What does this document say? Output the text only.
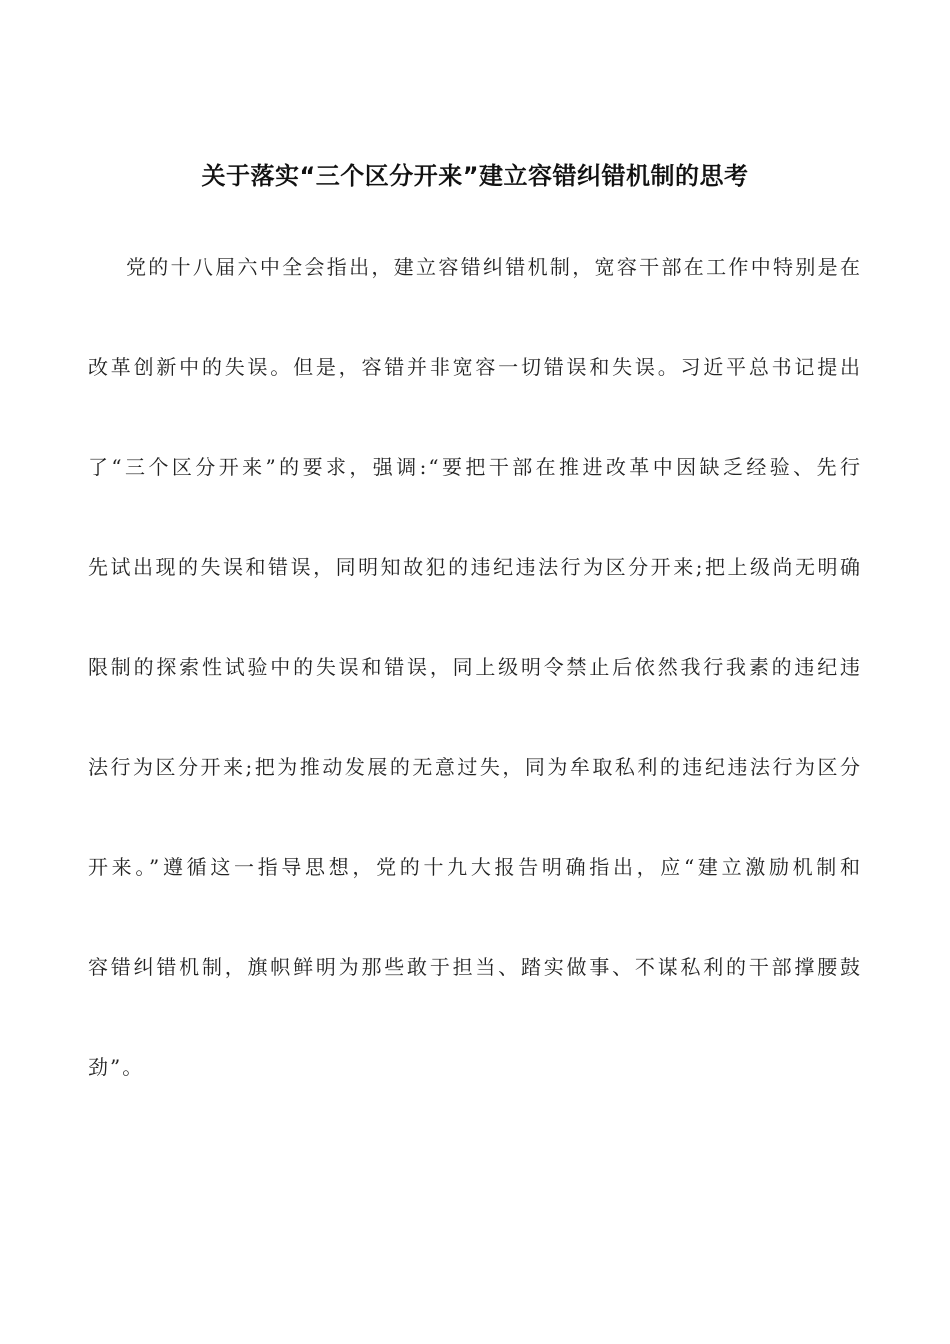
关于落实“三个区分开来”建立容错纠错机制的思考
党的十八届六中全会指出，建立容错纠错机制，宽容干部在工作中特别是在
改革创新中的失误。但是，容错并非宽容一切错误和失误。习近平总书记提出
了“三个区分开来”的要求，强调:“要把干部在推进改革中因缺乏经验、先行
先试出现的失误和错误，同明知故犯的违纪违法行为区分开来;把上级尚无明确
限制的探索性试验中的失误和错误，同上级明令禁止后依然我行我素的违纪违
法行为区分开来;把为推动发展的无意过失，同为牟取私利的违纪违法行为区分
开来。”遵循这一指导思想，党的十九大报告明确指出，应“建立激励机制和
容错纠错机制，旗帜鲜明为那些敢于担当、踏实做事、不谋私利的干部撑腰鼓
劲”。
